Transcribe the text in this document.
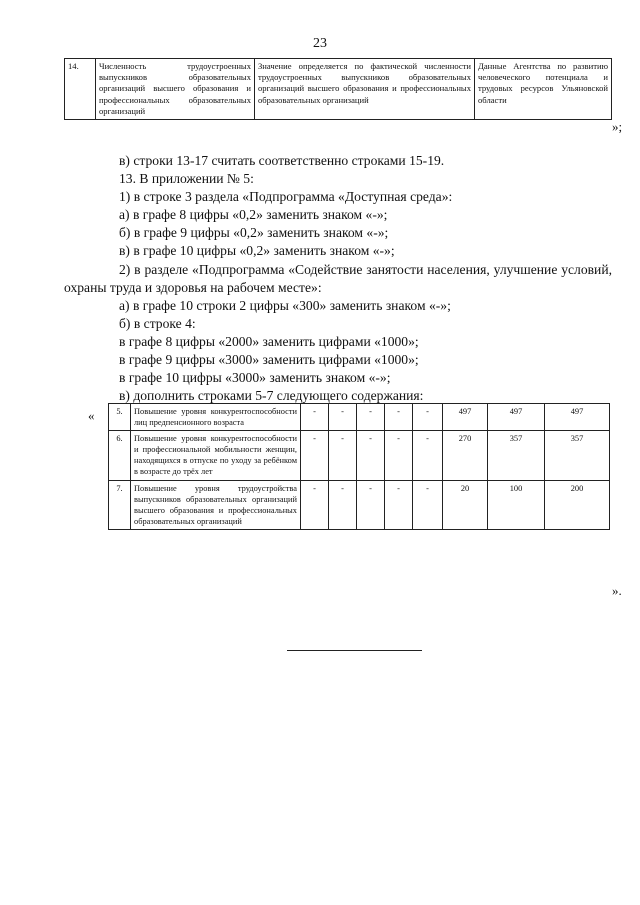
23
14.	Численность трудоустроенных выпускников образовательных организаций высшего образования и профессиональных образовательных организаций	Значение определяется по фактической численности трудоустроенных выпускников образовательных организаций высшего образования и профессиональных образовательных организаций	Данные Агентства по развитию человеческого потенциала и трудовых ресурсов Ульяновской области
»;

в) строки 13-17 считать соответственно строками 15-19.

13. В приложении № 5:

1) в строке 3 раздела «Подпрограмма «Доступная среда»:

а) в графе 8 цифры «0,2» заменить знаком «-»;

б) в графе 9 цифры «0,2» заменить знаком «-»;

в) в графе 10 цифры «0,2» заменить знаком «-»;

2) в разделе «Подпрограмма «Содействие занятости населения, улучшение условий, охраны труда и здоровья на рабочем месте»:

а) в графе 10 строки 2 цифры «300» заменить знаком «-»;

б) в строке 4:

в графе 8 цифры «2000» заменить цифрами «1000»;

в графе 9 цифры «3000» заменить цифрами «1000»;

в графе 10 цифры «3000» заменить знаком «-»;

в) дополнить строками 5-7 следующего содержания:

«	5.	Повышение уровня конкурентоспособности лиц предпенсионного возраста	-	-	-	-	-	497	497	497
6.	Повышение уровня конкурентоспособности и профессиональной мобильности женщин, находящихся в отпуске по уходу за ребёнком в возрасте до трёх лет	-	-	-	-	-	270	357	357
7.	Повышение уровня трудоустройства выпускников образовательных организаций высшего образования и профессиональных образовательных организаций	-	-	-	-	-	20	100	200
».
